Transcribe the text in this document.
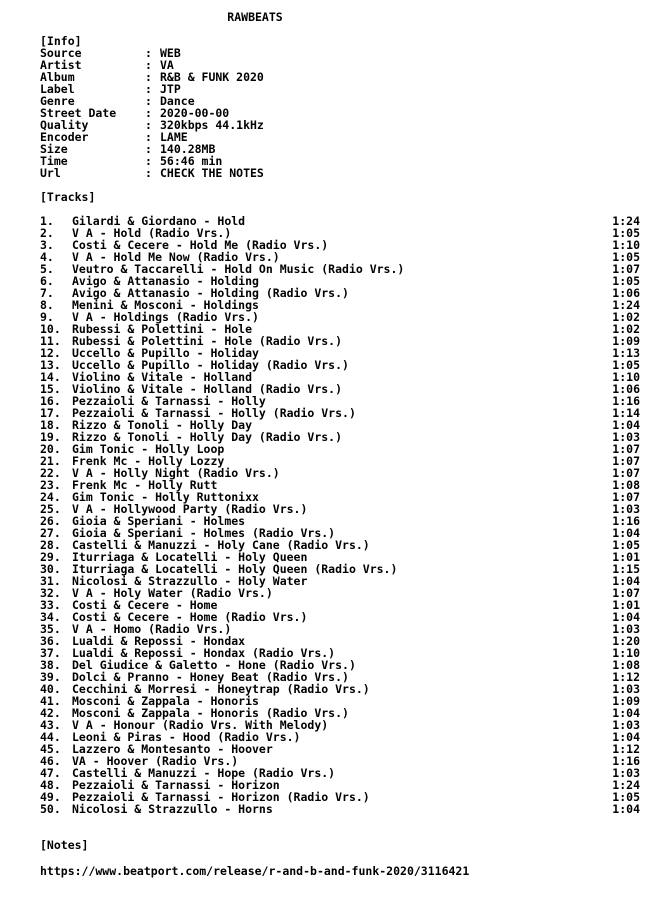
RAWBEATS
[Info]
Source	: WEB
Artist	: VA
Album	: R&B & FUNK 2020
Label	: JTP
Genre	: Dance
Street Date	: 2020-00-00
Quality	: 320kbps 44.1kHz
Encoder	: LAME
Size	: 140.28MB
Time	: 56:46 min
Url	: CHECK THE NOTES
[Tracks]
1. Gilardi & Giordano - Hold	1:24
2. V A - Hold (Radio Vrs.)	1:05
3. Costi & Cecere - Hold Me (Radio Vrs.)	1:10
4. V A - Hold Me Now (Radio Vrs.)	1:05
5. Veutro & Taccarelli - Hold On Music (Radio Vrs.)	1:07
6. Avigo & Attanasio - Holding	1:05
7. Avigo & Attanasio - Holding (Radio Vrs.)	1:06
8. Menini & Mosconi - Holdings	1:24
9. V A - Holdings (Radio Vrs.)	1:02
10. Rubessi & Polettini - Hole	1:02
11. Rubessi & Polettini - Hole (Radio Vrs.)	1:09
12. Uccello & Pupillo - Holiday	1:13
13. Uccello & Pupillo - Holiday (Radio Vrs.)	1:05
14. Violino & Vitale - Holland	1:10
15. Violino & Vitale - Holland (Radio Vrs.)	1:06
16. Pezzaioli & Tarnassi - Holly	1:16
17. Pezzaioli & Tarnassi - Holly (Radio Vrs.)	1:14
18. Rizzo & Tonoli - Holly Day	1:04
19. Rizzo & Tonoli - Holly Day (Radio Vrs.)	1:03
20. Gim Tonic - Holly Loop	1:07
21. Frenk Mc - Holly Lozzy	1:07
22. V A - Holly Night (Radio Vrs.)	1:07
23. Frenk Mc - Holly Rutt	1:08
24. Gim Tonic - Holly Ruttonixx	1:07
25. V A - Hollywood Party (Radio Vrs.)	1:03
26. Gioia & Speriani - Holmes	1:16
27. Gioia & Speriani - Holmes (Radio Vrs.)	1:04
28. Castelli & Manuzzi - Holy Cane (Radio Vrs.)	1:05
29. Iturriaga & Locatelli - Holy Queen	1:01
30. Iturriaga & Locatelli - Holy Queen (Radio Vrs.)	1:15
31. Nicolosi & Strazzullo - Holy Water	1:04
32. V A - Holy Water (Radio Vrs.)	1:07
33. Costi & Cecere - Home	1:01
34. Costi & Cecere - Home (Radio Vrs.)	1:04
35. V A - Homo (Radio Vrs.)	1:03
36. Lualdi & Repossi - Hondax	1:20
37. Lualdi & Repossi - Hondax (Radio Vrs.)	1:10
38. Del Giudice & Galetto - Hone (Radio Vrs.)	1:08
39. Dolci & Pranno - Honey Beat (Radio Vrs.)	1:12
40. Cecchini & Morresi - Honeytrap (Radio Vrs.)	1:03
41. Mosconi & Zappala - Honoris	1:09
42. Mosconi & Zappala - Honoris (Radio Vrs.)	1:04
43. V A - Honour (Radio Vrs. With Melody)	1:03
44. Leoni & Piras - Hood (Radio Vrs.)	1:04
45. Lazzero & Montesanto - Hoover	1:12
46. VA - Hoover (Radio Vrs.)	1:16
47. Castelli & Manuzzi - Hope (Radio Vrs.)	1:03
48. Pezzaioli & Tarnassi - Horizon	1:24
49. Pezzaioli & Tarnassi - Horizon (Radio Vrs.)	1:05
50. Nicolosi & Strazzullo - Horns	1:04
[Notes]
https://www.beatport.com/release/r-and-b-and-funk-2020/3116421
